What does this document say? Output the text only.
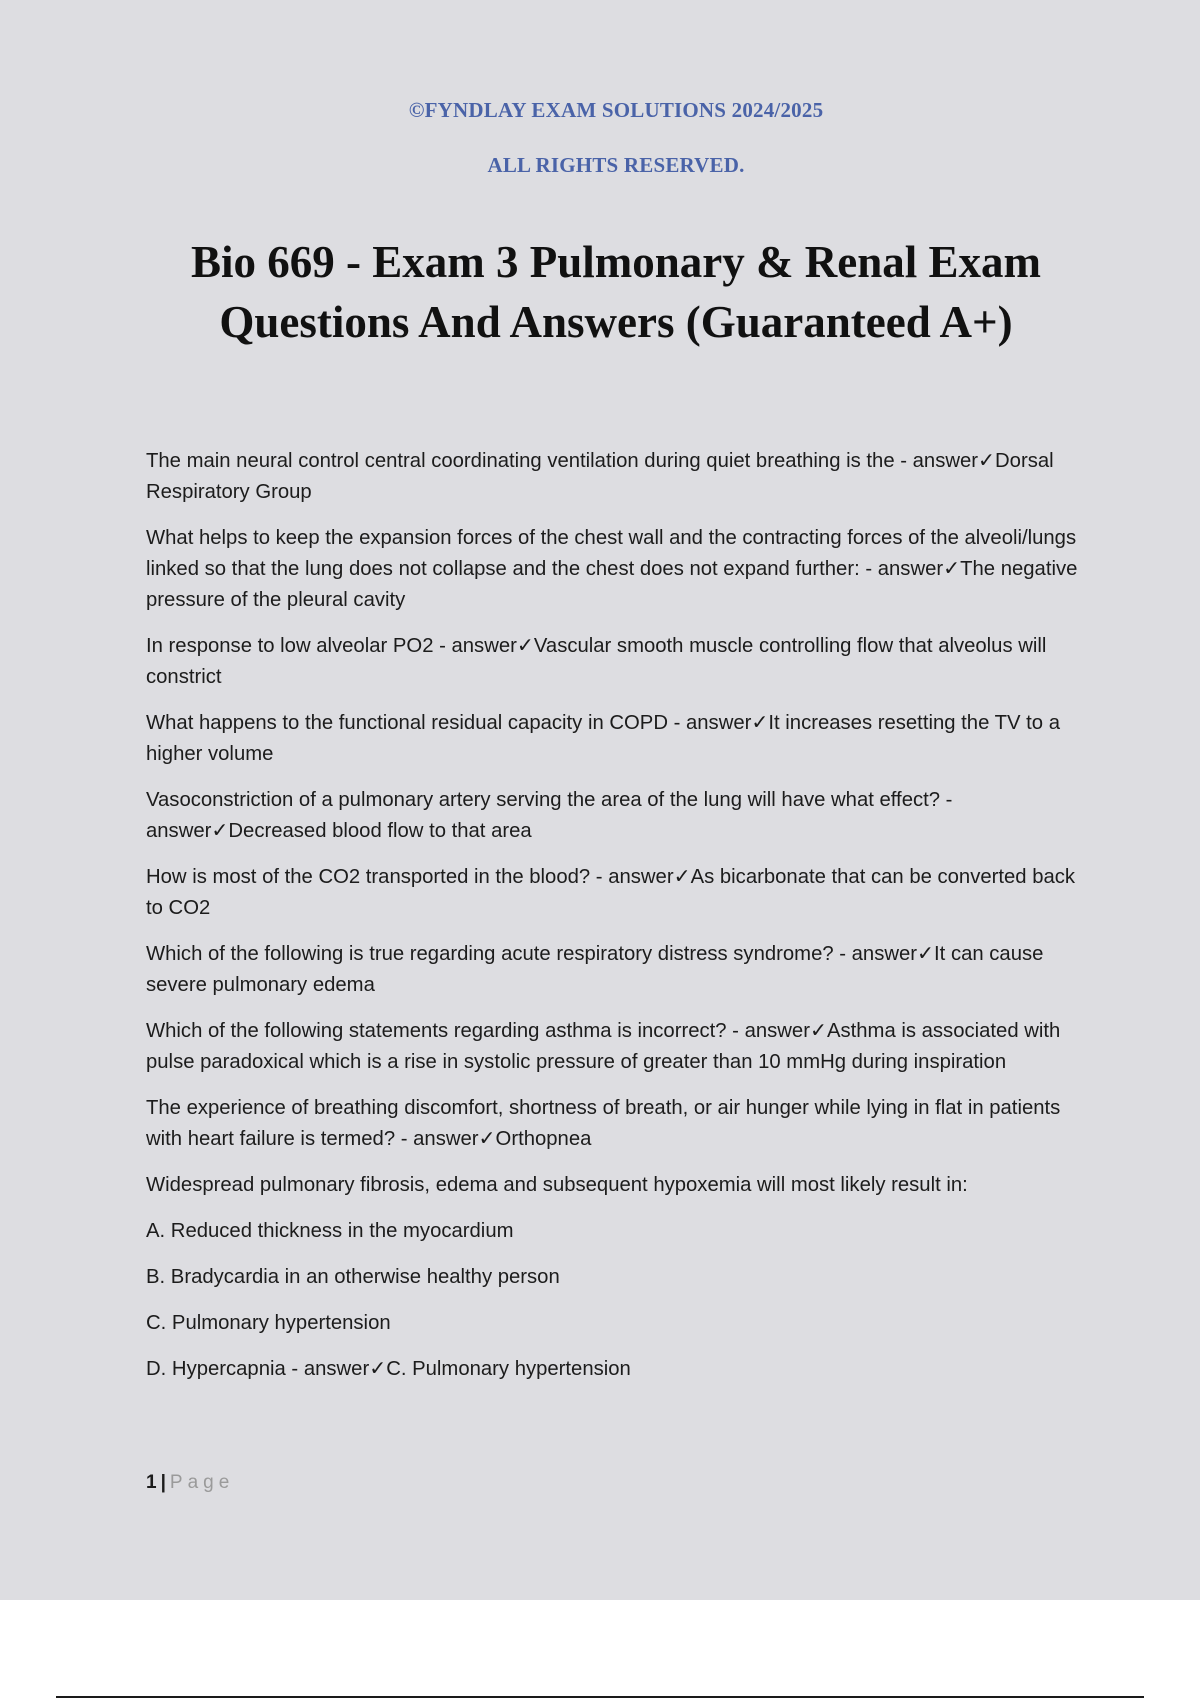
©FYNDLAY EXAM SOLUTIONS 2024/2025
ALL RIGHTS RESERVED.
Bio 669 - Exam 3 Pulmonary & Renal Exam Questions And Answers (Guaranteed A+)
The main neural control central coordinating ventilation during quiet breathing is the - answer✓Dorsal Respiratory Group
What helps to keep the expansion forces of the chest wall and the contracting forces of the alveoli/lungs linked so that the lung does not collapse and the chest does not expand further: - answer✓The negative pressure of the pleural cavity
In response to low alveolar PO2 - answer✓Vascular smooth muscle controlling flow that alveolus will constrict
What happens to the functional residual capacity in COPD - answer✓It increases resetting the TV to a higher volume
Vasoconstriction of a pulmonary artery serving the area of the lung will have what effect? - answer✓Decreased blood flow to that area
How is most of the CO2 transported in the blood? - answer✓As bicarbonate that can be converted back to CO2
Which of the following is true regarding acute respiratory distress syndrome? - answer✓It can cause severe pulmonary edema
Which of the following statements regarding asthma is incorrect? - answer✓Asthma is associated with pulse paradoxical which is a rise in systolic pressure of greater than 10 mmHg during inspiration
The experience of breathing discomfort, shortness of breath, or air hunger while lying in flat in patients with heart failure is termed? - answer✓Orthopnea
Widespread pulmonary fibrosis, edema and subsequent hypoxemia will most likely result in:
A. Reduced thickness in the myocardium
B. Bradycardia in an otherwise healthy person
C. Pulmonary hypertension
D. Hypercapnia - answer✓C. Pulmonary hypertension
1 | Page
